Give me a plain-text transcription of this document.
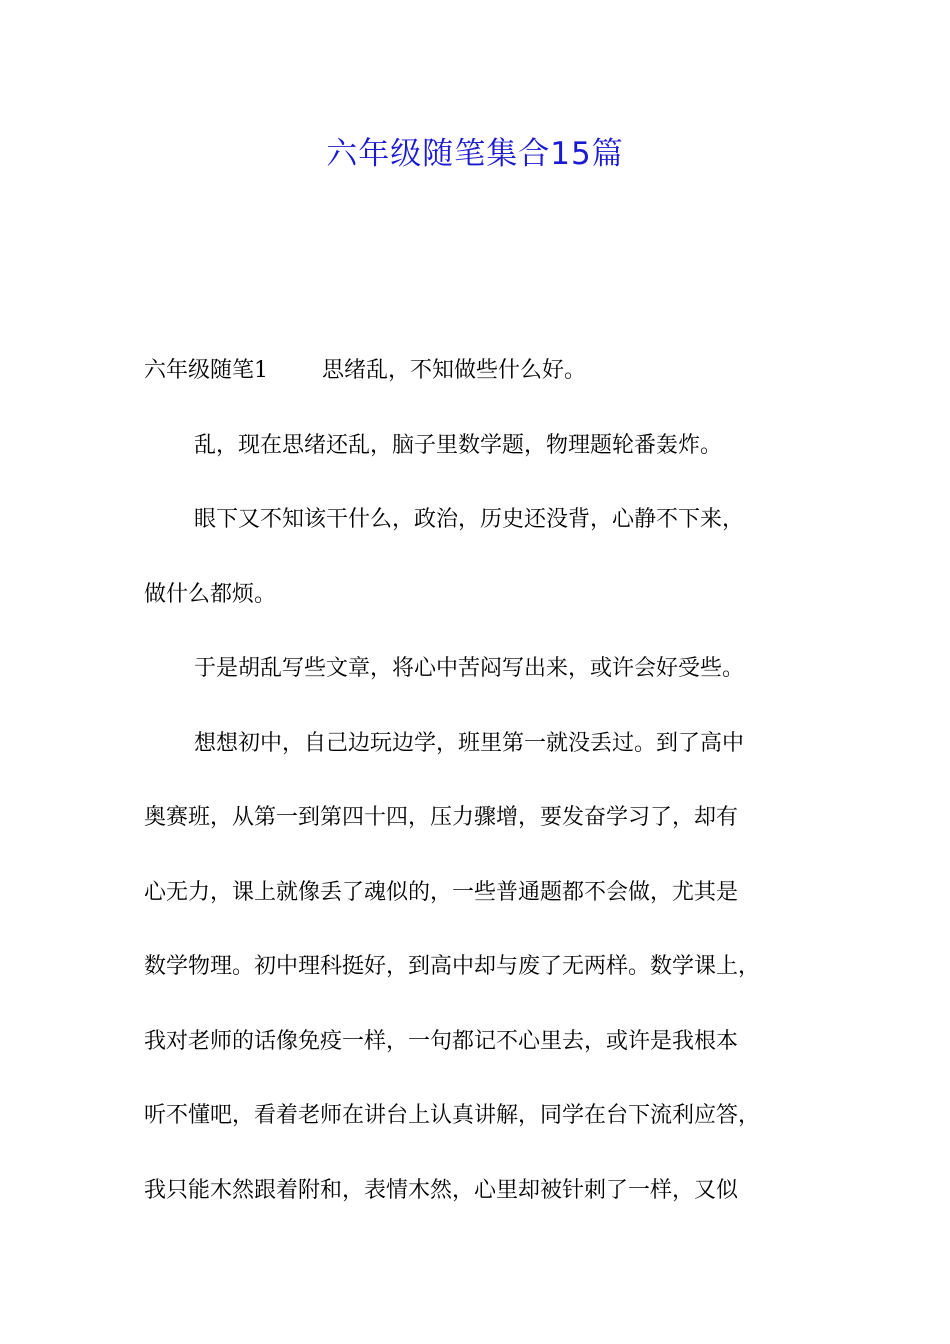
六年级随笔集合15篇
六年级随笔1 思绪乱，不知做些什么好。
乱，现在思绪还乱，脑子里数学题，物理题轮番轰炸。
眼下又不知该干什么，政治，历史还没背，心静不下来，
做什么都烦。
于是胡乱写些文章，将心中苦闷写出来，或许会好受些。
想想初中，自己边玩边学，班里第一就没丢过。到了高中
奥赛班，从第一到第四十四，压力骤增，要发奋学习了，却有
心无力，课上就像丢了魂似的，一些普通题都不会做，尤其是
数学物理。初中理科挺好，到高中却与废了无两样。数学课上，
我对老师的话像免疫一样，一句都记不心里去，或许是我根本
听不懂吧，看着老师在讲台上认真讲解，同学在台下流利应答，
我只能木然跟着附和，表情木然，心里却被针刺了一样，又似
